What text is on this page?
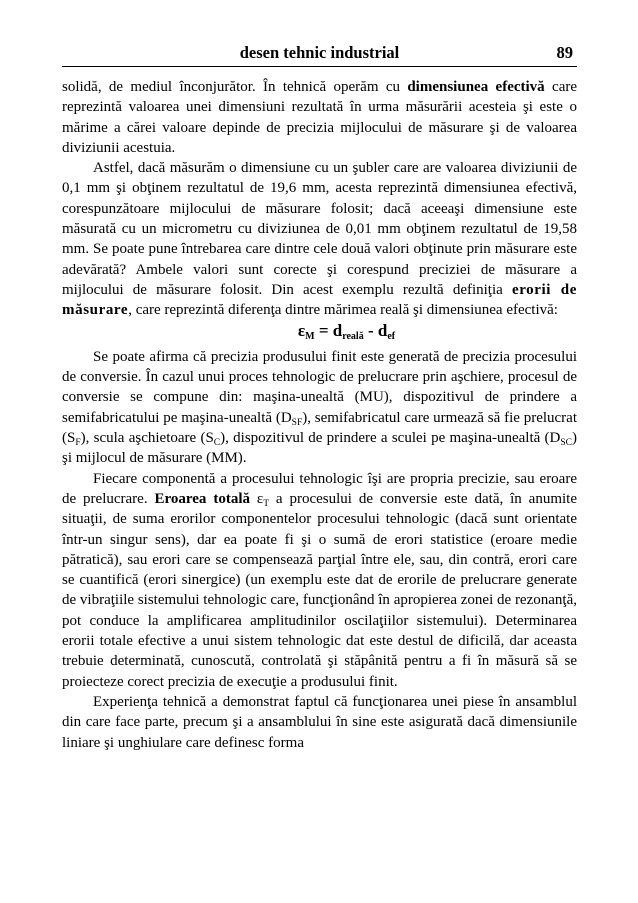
desen tehnic industrial	89

solidă, de mediul înconjurător. În tehnică operăm cu dimensiunea efectivă care reprezintă valoarea unei dimensiuni rezultată în urma măsurării acesteia şi este o mărime a cărei valoare depinde de precizia mijlocului de măsurare şi de valoarea diviziunii acestuia.

Astfel, dacă măsurăm o dimensiune cu un şubler care are valoarea diviziunii de 0,1 mm şi obţinem rezultatul de 19,6 mm, acesta reprezintă dimensiunea efectivă, corespunzătoare mijlocului de măsurare folosit; dacă aceeaşi dimensiune este măsurată cu un micrometru cu diviziunea de 0,01 mm obţinem rezultatul de 19,58 mm. Se poate pune întrebarea care dintre cele două valori obţinute prin măsurare este adevărată? Ambele valori sunt corecte şi corespund preciziei de măsurare a mijlocului de măsurare folosit. Din acest exemplu rezultă definiţia erorii de măsurare, care reprezintă diferenţa dintre mărimea reală şi dimensiunea efectivă:

$\varepsilon_M = d_{reală} - d_{ef}$

Se poate afirma că precizia produsului finit este generată de precizia procesului de conversie. În cazul unui proces tehnologic de prelucrare prin aşchiere, procesul de conversie se compune din: maşina-unealtă (MU), dispozitivul de prindere a semifabricatului pe maşina-unealtă $(D_{SF})$, semifabricatul care urmează să fie prelucrat $(S_F)$, scula aşchietoare $(S_C)$, dispozitivul de prindere a sculei pe maşina-unealtă $(D_{SC})$ şi mijlocul de măsurare (MM).

Fiecare componentă a procesului tehnologic îşi are propria precizie, sau eroare de prelucrare. Eroarea totală $\varepsilon_T$ a procesului de conversie este dată, în anumite situaţii, de suma erorilor componentelor procesului tehnologic (dacă sunt orientate într-un singur sens), dar ea poate fi şi o sumă de erori statistice (eroare medie pătratică), sau erori care se compensează parţial între ele, sau, din contră, erori care se cuantifică (erori sinergice) (un exemplu este dat de erorile de prelucrare generate de vibraţiile sistemului tehnologic care, funcţionând în apropierea zonei de rezonanţă, pot conduce la amplificarea amplitudinilor oscilaţiilor sistemului). Determinarea erorii totale efective a unui sistem tehnologic dat este destul de dificilă, dar aceasta trebuie determinată, cunoscută, controlată şi stăpânită pentru a fi în măsură să se proiecteze corect precizia de execuţie a produsului finit.

Experienţa tehnică a demonstrat faptul că funcţionarea unei piese în ansamblul din care face parte, precum şi a ansamblului în sine este asigurată dacă dimensiunile liniare şi unghiulare care definesc forma
